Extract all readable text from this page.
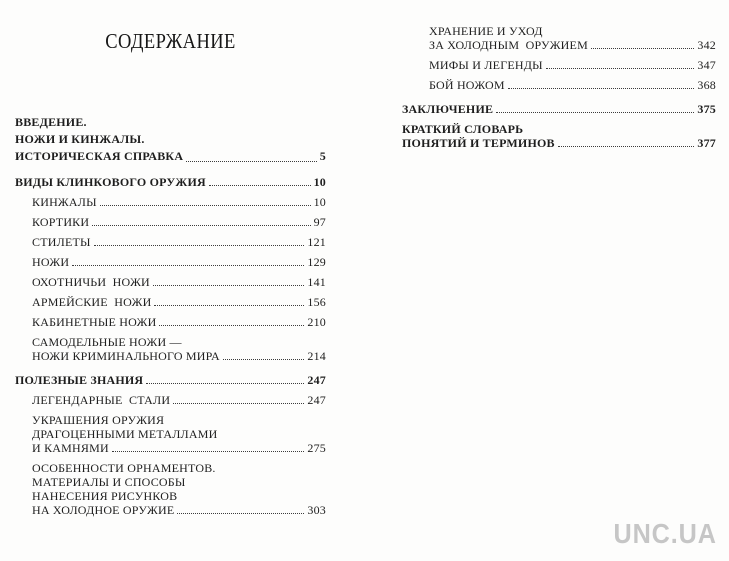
СОДЕРЖАНИЕ
ВВЕДЕНИЕ.
НОЖИ И КИНЖАЛЫ.
ИСТОРИЧЕСКАЯ СПРАВКА	5
ВИДЫ КЛИНКОВОГО ОРУЖИЯ	10
КИНЖАЛЫ	10
КОРТИКИ	97
СТИЛЕТЫ	121
НОЖИ	129
ОХОТНИЧЬИ  НОЖИ	141
АРМЕЙСКИЕ  НОЖИ	156
КАБИНЕТНЫЕ НОЖИ	210
САМОДЕЛЬНЫЕ НОЖИ —
НОЖИ КРИМИНАЛЬНОГО МИРА	214
ПОЛЕЗНЫЕ ЗНАНИЯ	247
ЛЕГЕНДАРНЫЕ  СТАЛИ	247
УКРАШЕНИЯ ОРУЖИЯ
ДРАГОЦЕННЫМИ МЕТАЛЛАМИ
И КАМНЯМИ	275
ОСОБЕННОСТИ ОРНАМЕНТОВ.
МАТЕРИАЛЫ И СПОСОБЫ
НАНЕСЕНИЯ РИСУНКОВ
НА ХОЛОДНОЕ ОРУЖИЕ	303
ХРАНЕНИЕ И УХОД
ЗА ХОЛОДНЫМ  ОРУЖИЕМ	342
МИФЫ И ЛЕГЕНДЫ	347
БОЙ НОЖОМ	368
ЗАКЛЮЧЕНИЕ	375
КРАТКИЙ СЛОВАРЬ
ПОНЯТИЙ И ТЕРМИНОВ	377
UNC.UA
